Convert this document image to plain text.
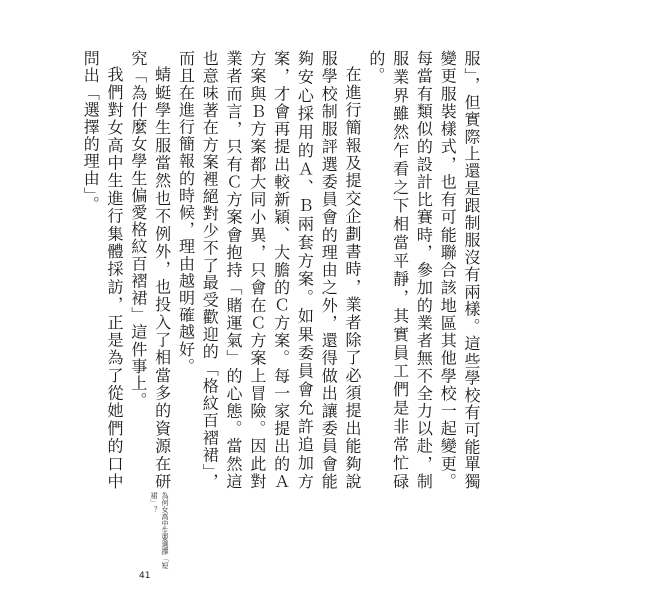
服」，但實際上還是跟制服沒有兩樣。這些學校有可能單獨變更服裝樣式，也有可能聯合該地區其他學校一起變更。每當有類似的設計比賽時，參加的業者無不全力以赴，制服業界雖然乍看之下相當平靜，其實員工們是非常忙碌的。

在進行簡報及提交企劃書時，業者除了必須提出能夠說服學校制服評選委員會的理由之外，還得做出讓委員會能夠安心採用的Ａ、Ｂ兩套方案。如果委員會允許追加方案，才會再提出較新穎、大膽的Ｃ方案。每一家提出的Ａ方案與Ｂ方案都大同小異，只會在Ｃ方案上冒險。因此對業者而言，只有Ｃ方案會抱持「賭運氣」的心態。當然這也意味著在方案裡絕對少不了最受歡迎的「格紋百褶裙」，而且在進行簡報的時候，理由越明確越好。

蜻蜓學生服當然也不例外，也投入了相當多的資源在研究「為什麼女學生偏愛格紋百褶裙」這件事上。

我們對女高中生進行集體採訪，正是為了從她們的口中問出「選擇的理由」。

為何女高中生要選擇「短裙」？
41
